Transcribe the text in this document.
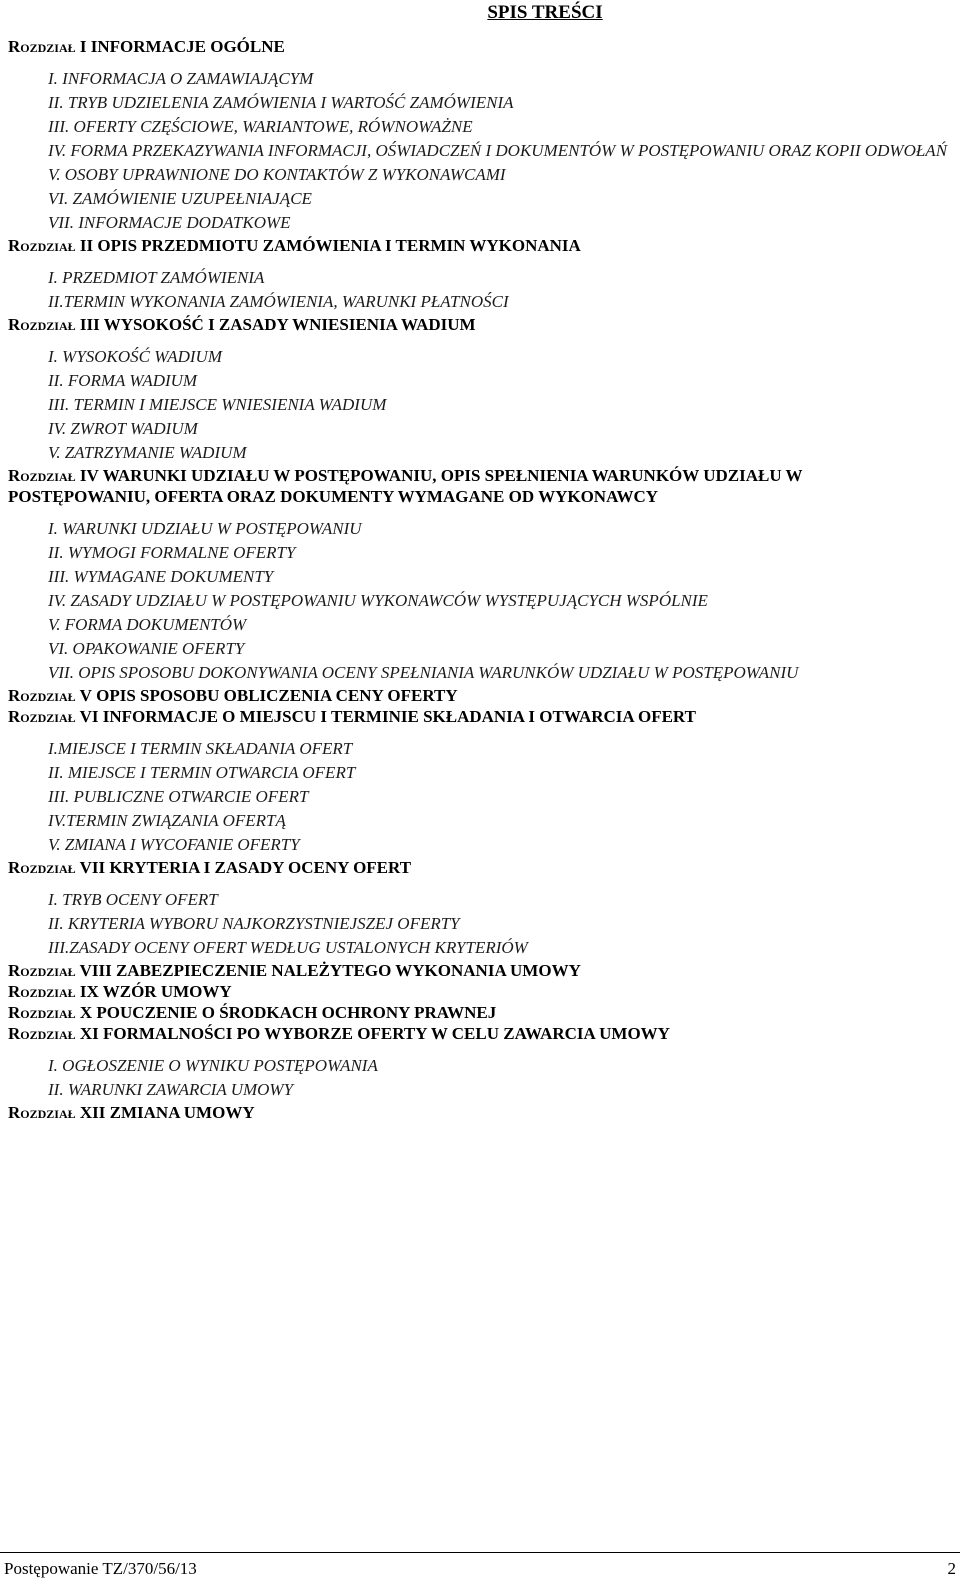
SPIS TREŚCI
Rozdział I INFORMACJE OGÓLNE
I. INFORMACJA O ZAMAWIAJĄCYM
II. TRYB UDZIELENIA ZAMÓWIENIA I WARTOŚĆ ZAMÓWIENIA
III. OFERTY CZĘŚCIOWE, WARIANTOWE, RÓWNOWAŻNE
IV. FORMA PRZEKAZYWANIA INFORMACJI, OŚWIADCZEŃ I DOKUMENTÓW W POSTĘPOWANIU ORAZ KOPII ODWOŁAŃ
V. OSOBY UPRAWNIONE DO KONTAKTÓW Z WYKONAWCAMI
VI. ZAMÓWIENIE UZUPEŁNIAJĄCE
VII. INFORMACJE DODATKOWE
Rozdział II OPIS PRZEDMIOTU ZAMÓWIENIA I TERMIN WYKONANIA
I. PRZEDMIOT ZAMÓWIENIA
II.TERMIN WYKONANIA ZAMÓWIENIA, WARUNKI PŁATNOŚCI
Rozdział III WYSOKOŚĆ I ZASADY WNIESIENIA WADIUM
I. WYSOKOŚĆ WADIUM
II. FORMA WADIUM
III. TERMIN I MIEJSCE WNIESIENIA WADIUM
IV. ZWROT WADIUM
V. ZATRZYMANIE WADIUM
Rozdział IV WARUNKI UDZIAŁU W POSTĘPOWANIU, OPIS SPEŁNIENIA WARUNKÓW UDZIAŁU W POSTĘPOWANIU, OFERTA ORAZ DOKUMENTY WYMAGANE OD WYKONAWCY
I. WARUNKI UDZIAŁU W POSTĘPOWANIU
II. WYMOGI FORMALNE OFERTY
III. WYMAGANE DOKUMENTY
IV. ZASADY UDZIAŁU W POSTĘPOWANIU WYKONAWCÓW WYSTĘPUJĄCYCH WSPÓLNIE
V. FORMA DOKUMENTÓW
VI. OPAKOWANIE OFERTY
VII. OPIS SPOSOBU DOKONYWANIA OCENY SPEŁNIANIA WARUNKÓW UDZIAŁU W POSTĘPOWANIU
Rozdział V OPIS SPOSOBU OBLICZENIA CENY OFERTY
Rozdział VI INFORMACJE O MIEJSCU I TERMINIE SKŁADANIA I OTWARCIA OFERT
I.MIEJSCE I TERMIN SKŁADANIA OFERT
II. MIEJSCE I TERMIN OTWARCIA OFERT
III. PUBLICZNE OTWARCIE OFERT
IV.TERMIN ZWIĄZANIA OFERTĄ
V. ZMIANA I WYCOFANIE OFERTY
Rozdział VII KRYTERIA I ZASADY OCENY OFERT
I. TRYB OCENY OFERT
II. KRYTERIA WYBORU NAJKORZYSTNIEJSZEJ OFERTY
III.ZASADY OCENY OFERT WEDŁUG USTALONYCH KRYTERIÓW
Rozdział VIII ZABEZPIECZENIE NALEŻYTEGO WYKONANIA UMOWY
Rozdział IX WZÓR UMOWY
Rozdział X POUCZENIE O ŚRODKACH OCHRONY PRAWNEJ
Rozdział XI FORMALNOŚCI PO WYBORZE OFERTY W CELU ZAWARCIA UMOWY
I. OGŁOSZENIE O WYNIKU POSTĘPOWANIA
II. WARUNKI ZAWARCIA UMOWY
Rozdział XII ZMIANA UMOWY
Postępowanie TZ/370/56/13	2
